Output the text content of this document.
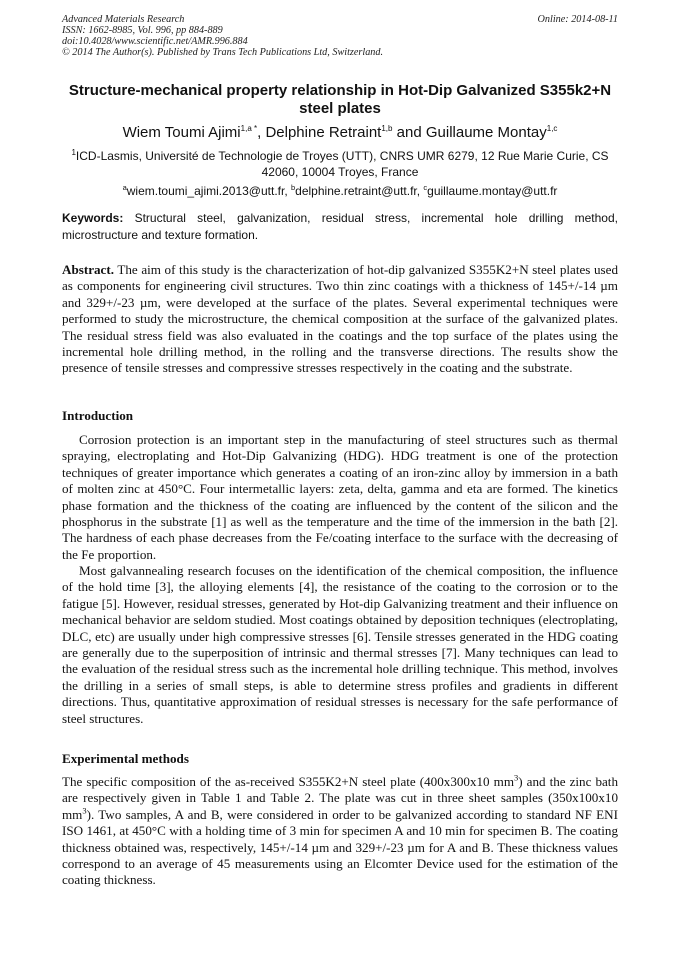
Advanced Materials Research	Online: 2014-08-11
ISSN: 1662-8985, Vol. 996, pp 884-889
doi:10.4028/www.scientific.net/AMR.996.884
© 2014 The Author(s). Published by Trans Tech Publications Ltd, Switzerland.
Structure-mechanical property relationship in Hot-Dip Galvanized S355k2+N steel plates
Wiem Toumi Ajimi$^{1,a *}$, Delphine Retraint$^{1,b}$ and Guillaume Montay$^{1,c}$
$^1$ICD-Lasmis, Université de Technologie de Troyes (UTT), CNRS UMR 6279, 12 Rue Marie Curie, CS 42060, 10004 Troyes, France
$^a$wiem.toumi_ajimi.2013@utt.fr, $^b$delphine.retraint@utt.fr, $^c$guillaume.montay@utt.fr
Keywords: Structural steel, galvanization, residual stress, incremental hole drilling method, microstructure and texture formation.
Abstract. The aim of this study is the characterization of hot-dip galvanized S355K2+N steel plates used as components for engineering civil structures. Two thin zinc coatings with a thickness of 145+/-14 µm and 329+/-23 µm, were developed at the surface of the plates. Several experimental techniques were performed to study the microstructure, the chemical composition at the surface of the galvanized plates. The residual stress field was also evaluated in the coatings and the top surface of the plates using the incremental hole drilling method, in the rolling and the transverse directions. The results show the presence of tensile stresses and compressive stresses respectively in the coating and the substrate.
Introduction
Corrosion protection is an important step in the manufacturing of steel structures such as thermal spraying, electroplating and Hot-Dip Galvanizing (HDG). HDG treatment is one of the protection techniques of greater importance which generates a coating of an iron-zinc alloy by immersion in a bath of molten zinc at 450°C. Four intermetallic layers: zeta, delta, gamma and eta are formed. The kinetics phase formation and the thickness of the coating are influenced by the content of the silicon and the phosphorus in the substrate [1] as well as the temperature and the time of the immersion in the bath [2]. The hardness of each phase decreases from the Fe/coating interface to the surface with the decreasing of the Fe proportion.
Most galvannealing research focuses on the identification of the chemical composition, the influence of the hold time [3], the alloying elements [4], the resistance of the coating to the corrosion or to the fatigue [5]. However, residual stresses, generated by Hot-dip Galvanizing treatment and their influence on mechanical behavior are seldom studied. Most coatings obtained by deposition techniques (electroplating, DLC, etc) are usually under high compressive stresses [6]. Tensile stresses generated in the HDG coating are generally due to the superposition of intrinsic and thermal stresses [7]. Many techniques can lead to the evaluation of the residual stress such as the incremental hole drilling technique. This method, involves the drilling in a series of small steps, is able to determine stress profiles and gradients in different directions. Thus, quantitative approximation of residual stresses is necessary for the safe performance of steel structures.
Experimental methods
The specific composition of the as-received S355K2+N steel plate (400x300x10 $mm^3$) and the zinc bath are respectively given in Table 1 and Table 2. The plate was cut in three sheet samples (350x100x10 $mm^3$). Two samples, A and B, were considered in order to be galvanized according to standard NF ENI ISO 1461, at 450°C with a holding time of 3 min for specimen A and 10 min for specimen B. The coating thickness obtained was, respectively, 145+/-14 µm and 329+/-23 µm for A and B. These thickness values correspond to an average of 45 measurements using an Elcomter Device used for the estimation of the coating thickness.
